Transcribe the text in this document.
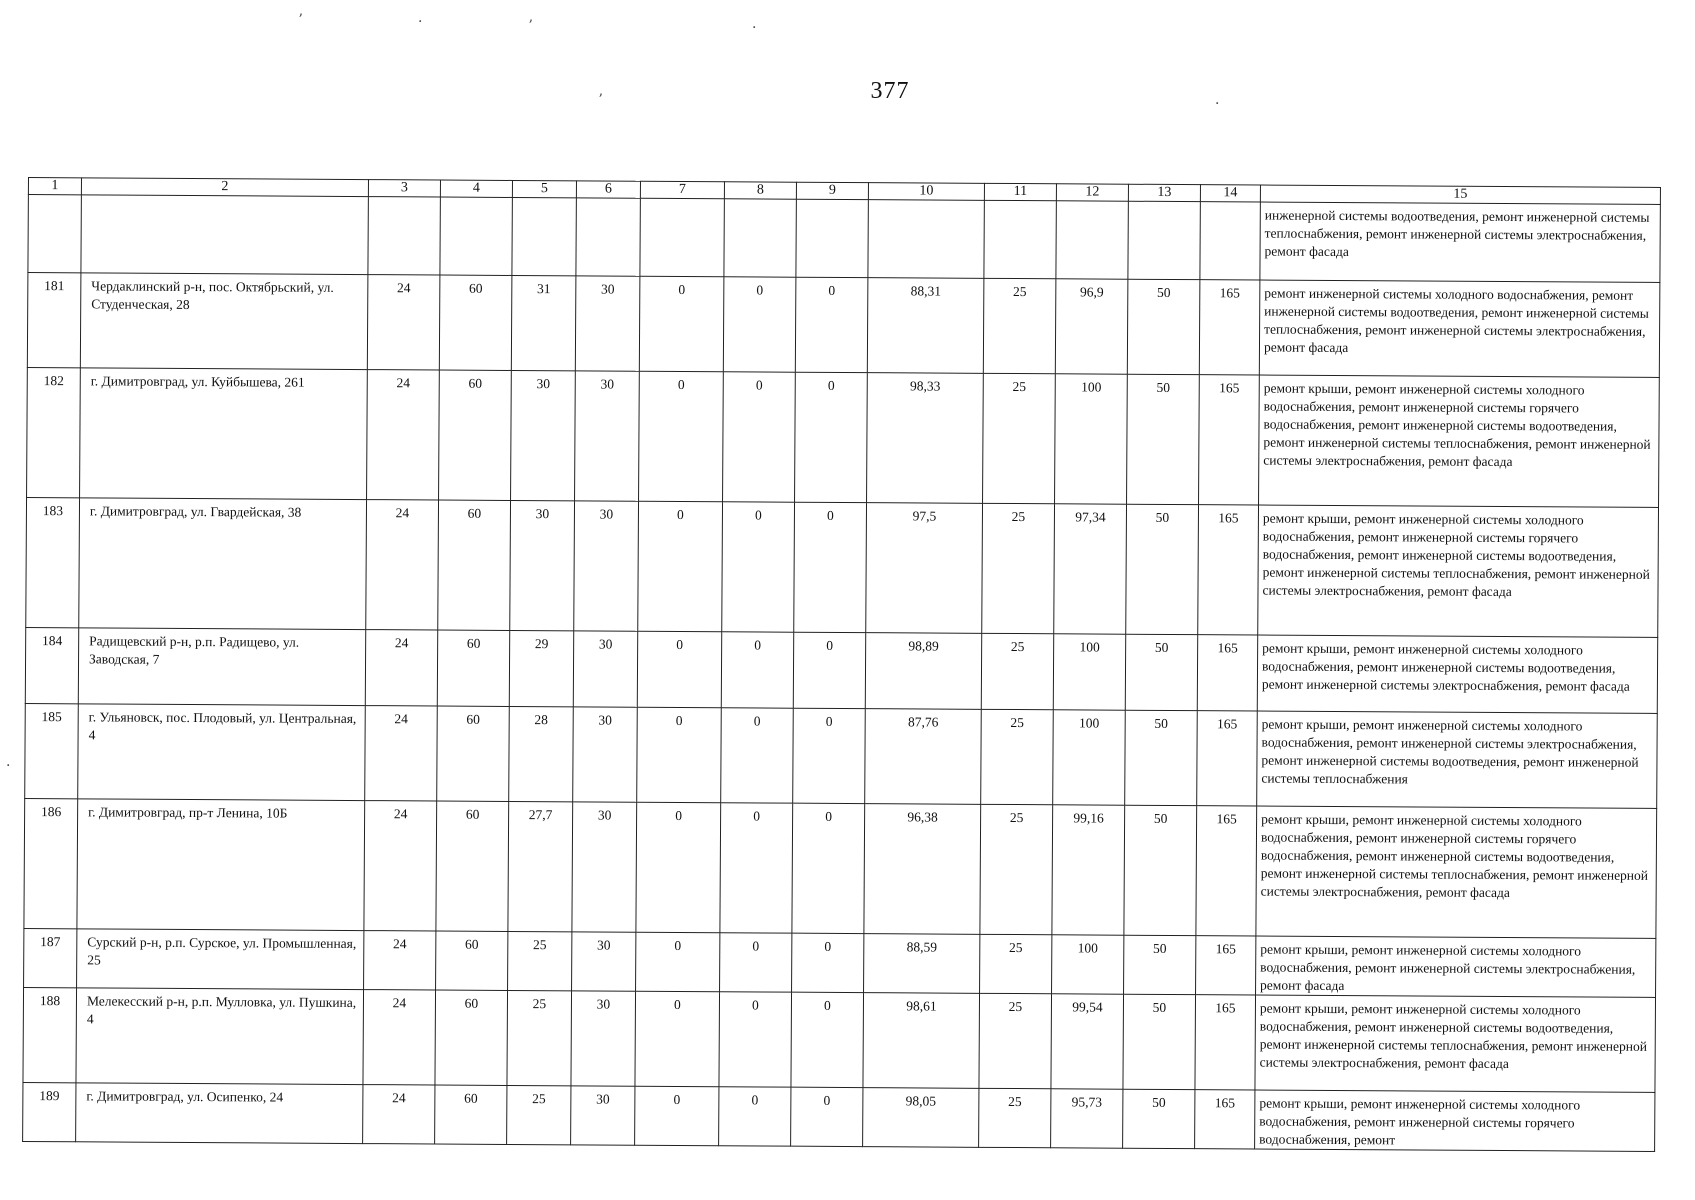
377
ʼ	·	ʼ	·
ʼ	·
·
1	2	3	4	5	6	7	8	9	10	11	12	13	14	15
														инженерной системы водоотведения, ремонт инженерной системы теплоснабжения, ремонт инженерной системы электроснабжения, ремонт фасада
181	Чердаклинский р-н, пос. Октябрьский, ул. Студенческая, 28	24	60	31	30	0	0	0	88,31	25	96,9	50	165	ремонт инженерной системы холодного водоснабжения, ремонт инженерной системы водоотведения, ремонт инженерной системы теплоснабжения, ремонт инженерной системы электроснабжения, ремонт фасада
182	г. Димитровград, ул. Куйбышева, 261	24	60	30	30	0	0	0	98,33	25	100	50	165	ремонт крыши, ремонт инженерной системы холодного водоснабжения, ремонт инженерной системы горячего водоснабжения, ремонт инженерной системы водоотведения, ремонт инженерной системы теплоснабжения, ремонт инженерной системы электроснабжения, ремонт фасада
183	г. Димитровград, ул. Гвардейская, 38	24	60	30	30	0	0	0	97,5	25	97,34	50	165	ремонт крыши, ремонт инженерной системы холодного водоснабжения, ремонт инженерной системы горячего водоснабжения, ремонт инженерной системы водоотведения, ремонт инженерной системы теплоснабжения, ремонт инженерной системы электроснабжения, ремонт фасада
184	Радищевский р-н, р.п. Радищево, ул. Заводская, 7	24	60	29	30	0	0	0	98,89	25	100	50	165	ремонт крыши, ремонт инженерной системы холодного водоснабжения, ремонт инженерной системы водоотведения, ремонт инженерной системы электроснабжения, ремонт фасада
185	г. Ульяновск, пос. Плодовый, ул. Центральная, 4	24	60	28	30	0	0	0	87,76	25	100	50	165	ремонт крыши, ремонт инженерной системы холодного водоснабжения, ремонт инженерной системы электроснабжения, ремонт инженерной системы водоотведения, ремонт инженерной системы теплоснабжения
186	г. Димитровград, пр-т Ленина, 10Б	24	60	27,7	30	0	0	0	96,38	25	99,16	50	165	ремонт крыши, ремонт инженерной системы холодного водоснабжения, ремонт инженерной системы горячего водоснабжения, ремонт инженерной системы водоотведения, ремонт инженерной системы теплоснабжения, ремонт инженерной системы электроснабжения, ремонт фасада
187	Сурский р-н, р.п. Сурское, ул. Промышленная, 25	24	60	25	30	0	0	0	88,59	25	100	50	165	ремонт крыши, ремонт инженерной системы холодного водоснабжения, ремонт инженерной системы электроснабжения, ремонт фасада
188	Мелекесский р-н, р.п. Мулловка, ул. Пушкина, 4	24	60	25	30	0	0	0	98,61	25	99,54	50	165	ремонт крыши, ремонт инженерной системы холодного водоснабжения, ремонт инженерной системы водоотведения, ремонт инженерной системы теплоснабжения, ремонт инженерной системы электроснабжения, ремонт фасада
189	г. Димитровград, ул. Осипенко, 24	24	60	25	30	0	0	0	98,05	25	95,73	50	165	ремонт крыши, ремонт инженерной системы холодного водоснабжения, ремонт инженерной системы горячего водоснабжения, ремонт
